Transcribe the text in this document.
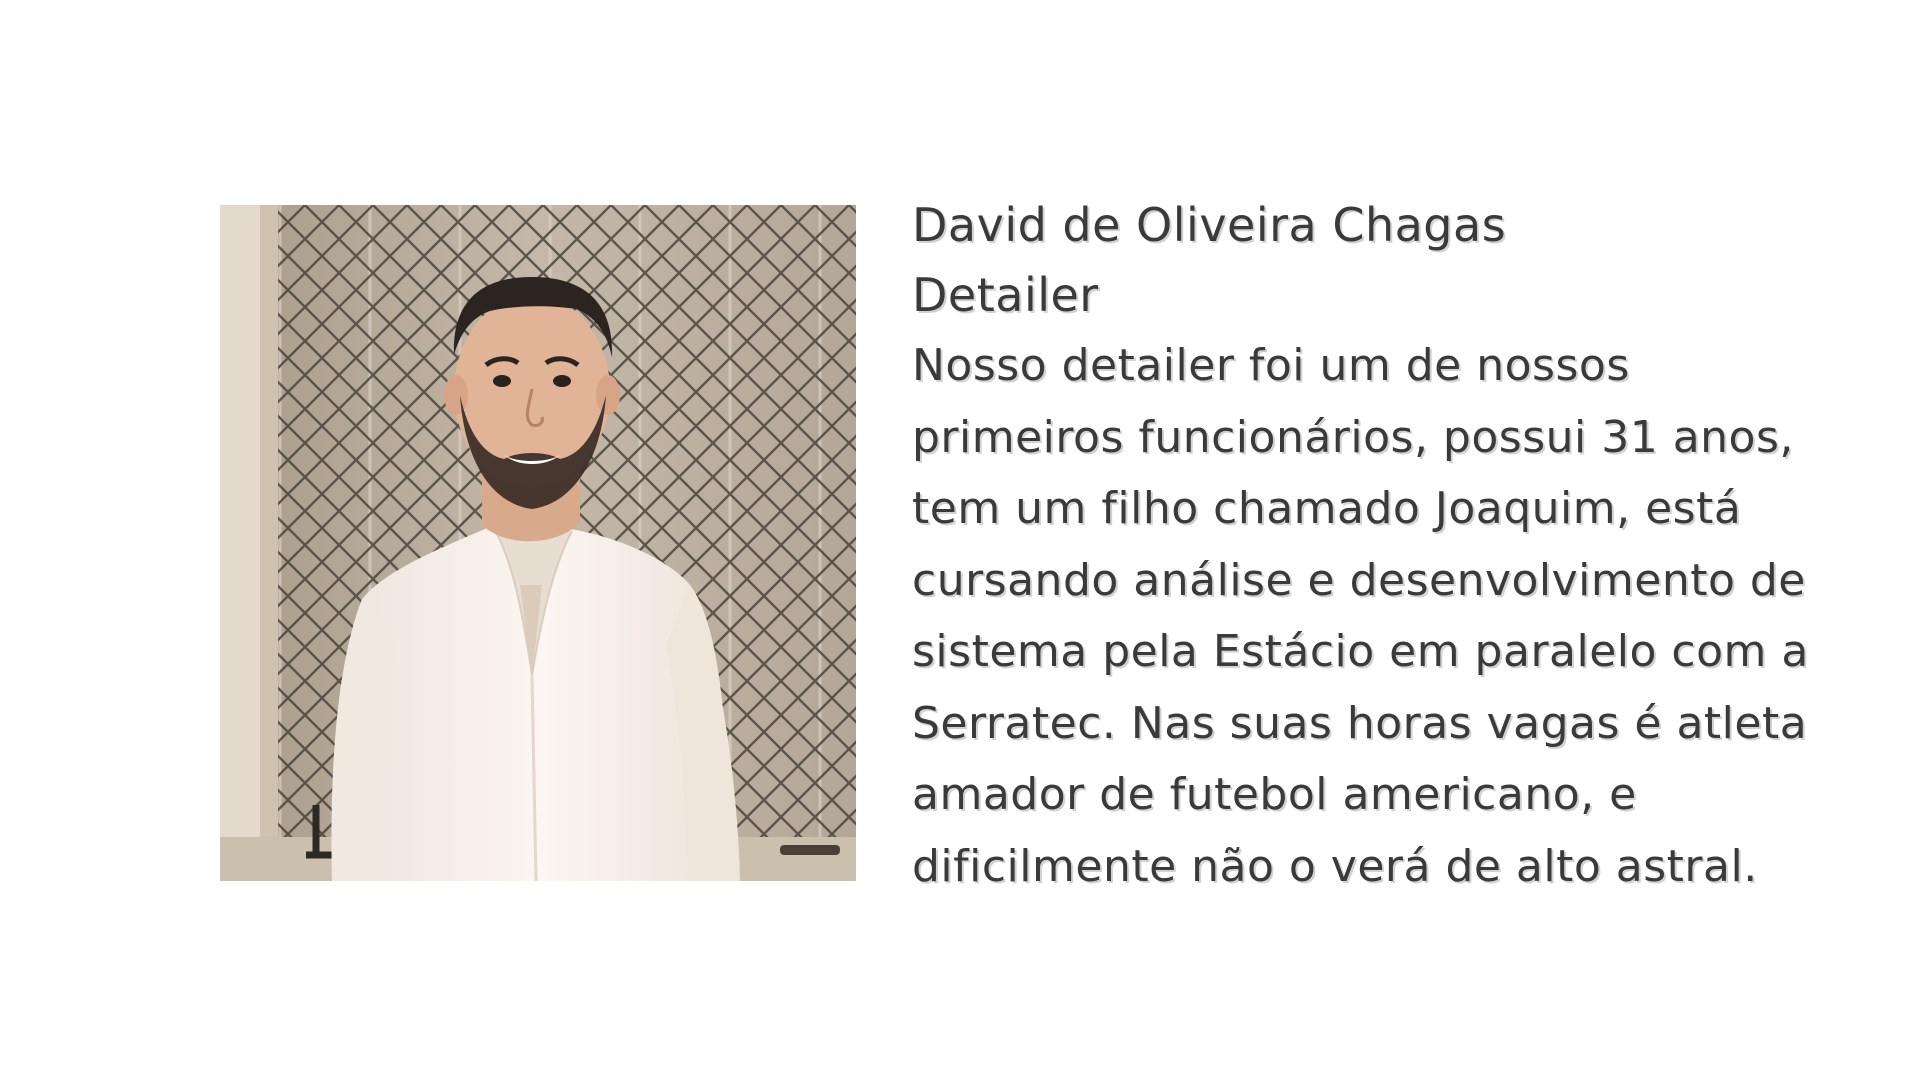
David de Oliveira Chagas
Detailer

Nosso detailer foi um de nossos
primeiros funcionários, possui 31 anos,
tem um filho chamado Joaquim, está
cursando análise e desenvolvimento de
sistema pela Estácio em paralelo com a
Serratec. Nas suas horas vagas é atleta
amador de futebol americano, e
dificilmente não o verá de alto astral.
